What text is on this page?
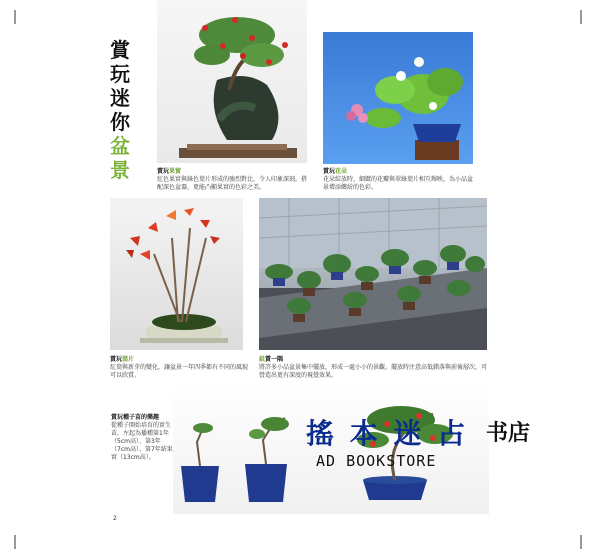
賞
玩
迷
你
盆
景	賞玩果實
紅色果實與綠色葉片形成的強烈對比，令人印象深刻。搭配深色盆器，更能凸顯果實的色彩之美。
賞玩花朵
花朵綻放時，細緻的花瓣與翠綠葉片相互輝映，為小品盆景增添繽紛的色彩。
賞玩葉片
紅葉與新芽的變化，讓盆景一年四季都有不同的風貌可以欣賞。
組賞一隅
將許多小品盆景集中擺放，形成一處小小的景觀。擺放時注意高低錯落與前後層次，可營造出更有深度的視覺效果。
賞玩種子苗的樂趣
從種子開始培育的實生苗，左起為播種第1年（5cm高）、第3年（7cm高）、第7年結果實（13cm高）。
搖 本 迷 占 书店
AD BOOKSTORE
2
